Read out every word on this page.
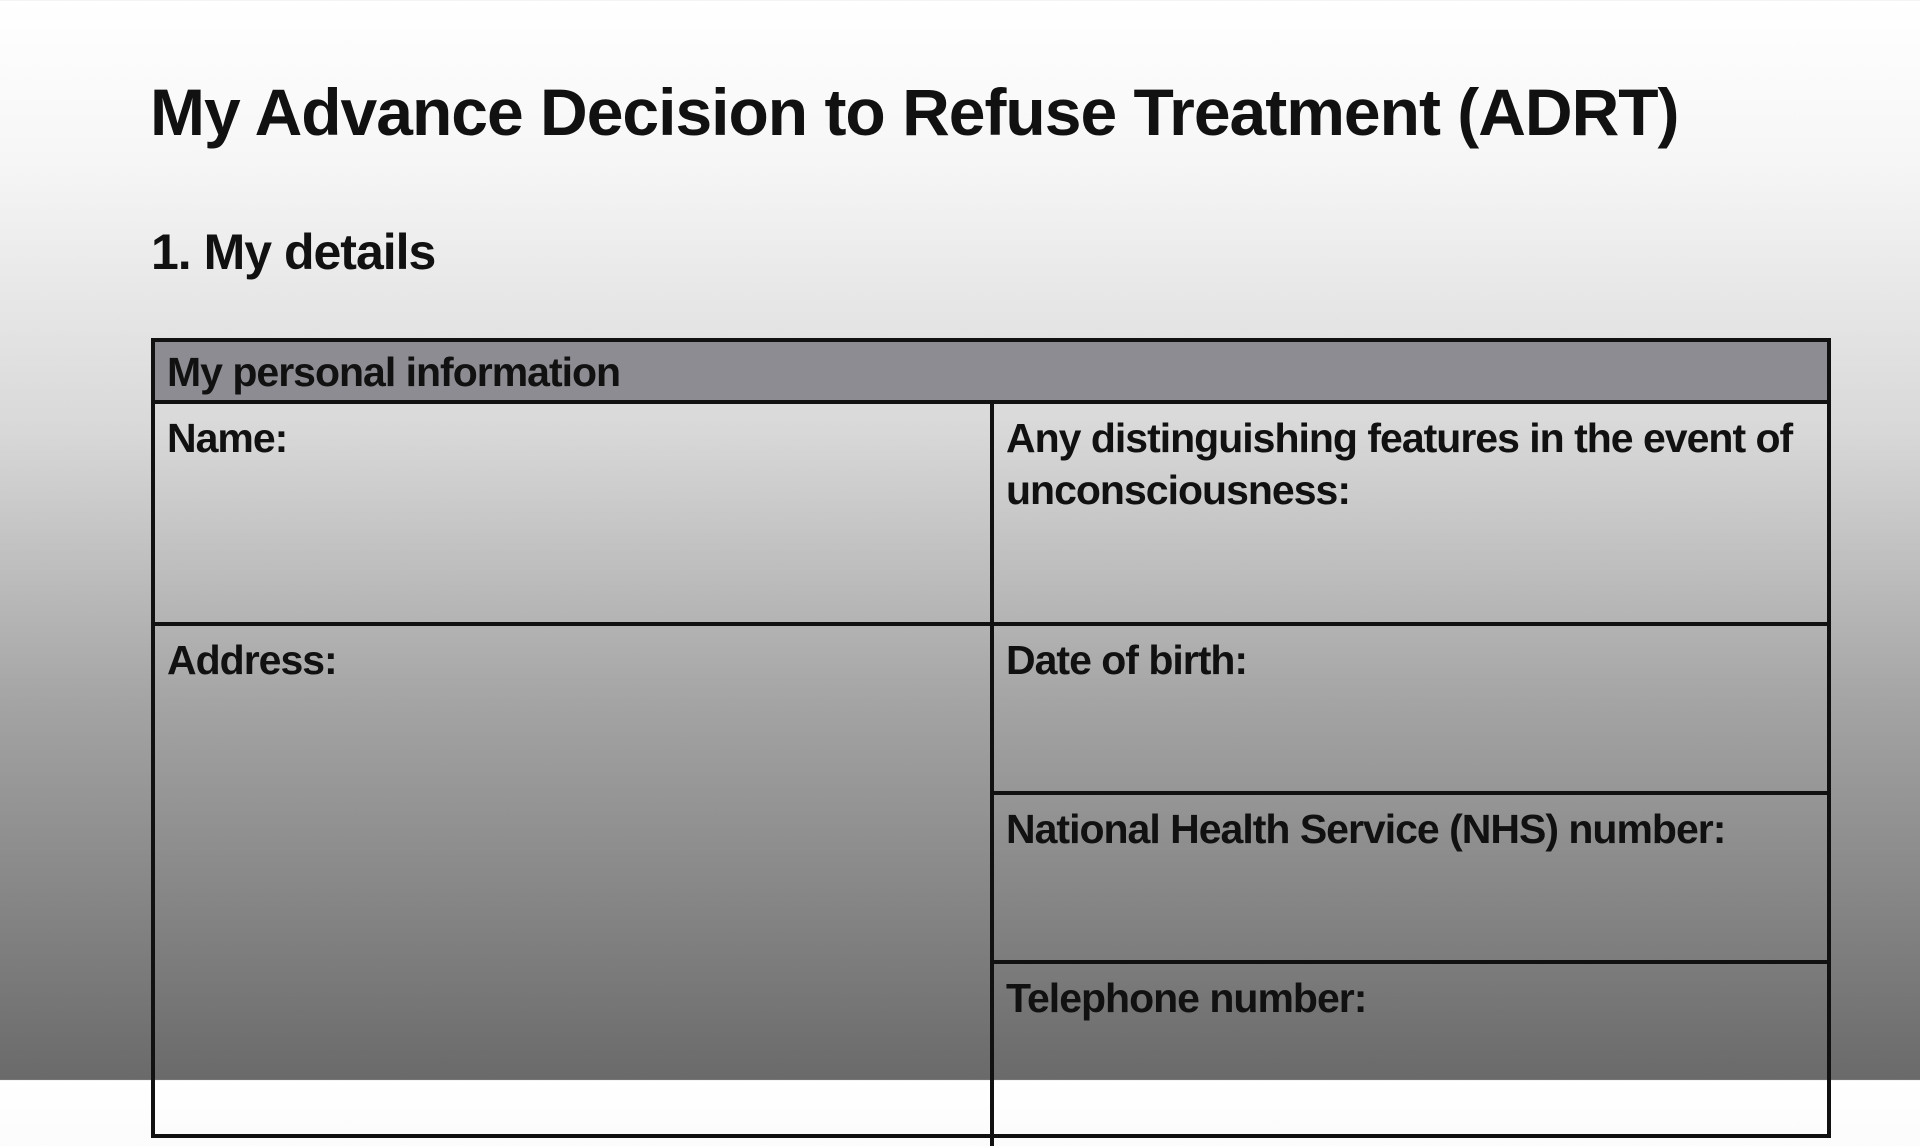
My Advance Decision to Refuse Treatment (ADRT)
1. My details
My personal information
Name:	Any distinguishing features in the event of unconsciousness:
Address:	Date of birth:
National Health Service (NHS) number:
Telephone number:
